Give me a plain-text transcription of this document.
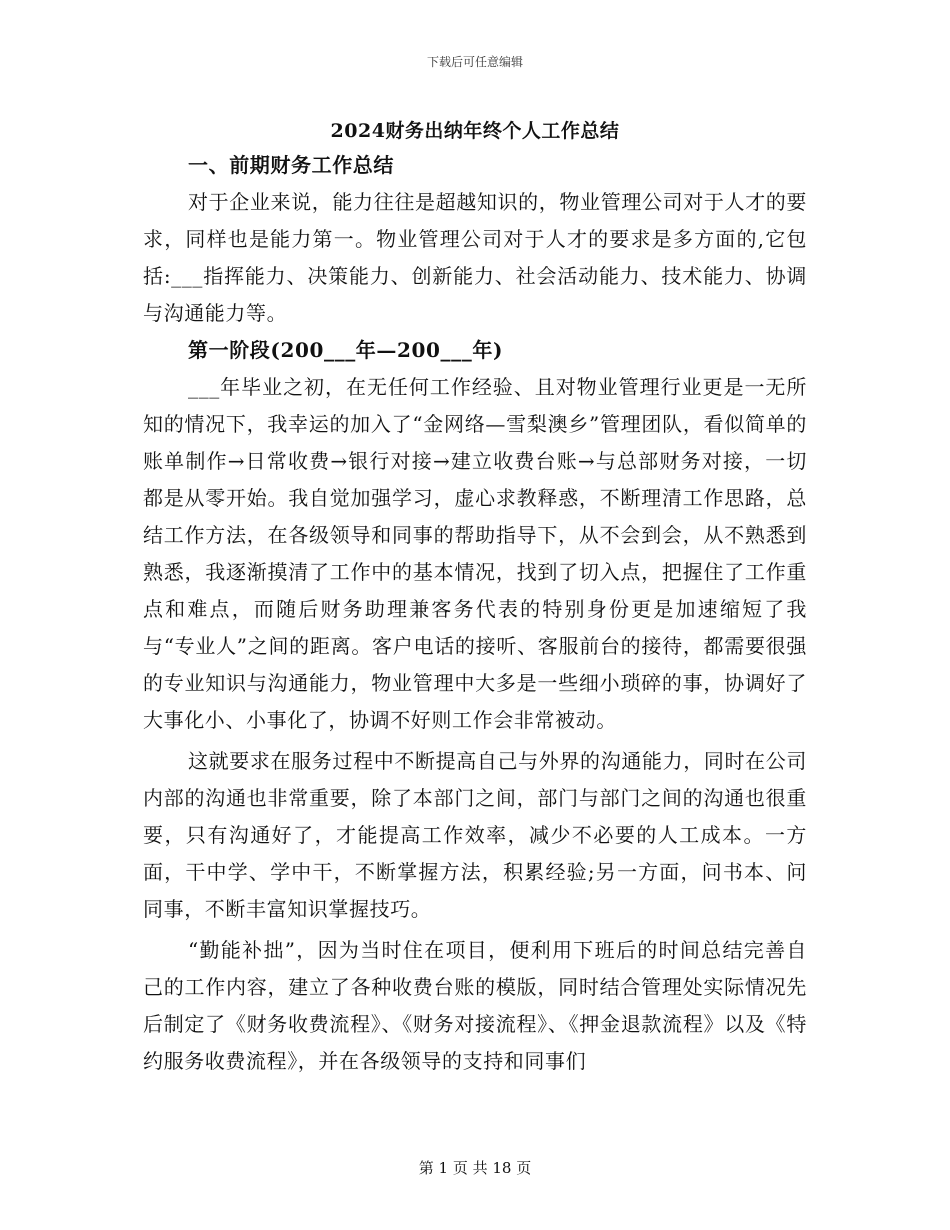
下载后可任意编辑
2024财务出纳年终个人工作总结

一、前期财务工作总结

对于企业来说，能力往往是超越知识的，物业管理公司对于人才的要求，同样也是能力第一。物业管理公司对于人才的要求是多方面的,它包括:___指挥能力、决策能力、创新能力、社会活动能力、技术能力、协调与沟通能力等。

第一阶段(200___年—200___年)

___年毕业之初，在无任何工作经验、且对物业管理行业更是一无所知的情况下，我幸运的加入了“金网络—雪梨澳乡”管理团队，看似简单的账单制作→日常收费→银行对接→建立收费台账→与总部财务对接，一切都是从零开始。我自觉加强学习，虚心求教释惑，不断理清工作思路，总结工作方法，在各级领导和同事的帮助指导下，从不会到会，从不熟悉到熟悉，我逐渐摸清了工作中的基本情况，找到了切入点，把握住了工作重点和难点，而随后财务助理兼客务代表的特别身份更是加速缩短了我与“专业人”之间的距离。客户电话的接听、客服前台的接待，都需要很强的专业知识与沟通能力，物业管理中大多是一些细小琐碎的事，协调好了大事化小、小事化了，协调不好则工作会非常被动。

这就要求在服务过程中不断提高自己与外界的沟通能力，同时在公司内部的沟通也非常重要，除了本部门之间，部门与部门之间的沟通也很重要，只有沟通好了，才能提高工作效率，减少不必要的人工成本。一方面，干中学、学中干，不断掌握方法，积累经验;另一方面，问书本、问同事，不断丰富知识掌握技巧。

“勤能补拙”，因为当时住在项目，便利用下班后的时间总结完善自己的工作内容，建立了各种收费台账的模版，同时结合管理处实际情况先后制定了《财务收费流程》、《财务对接流程》、《押金退款流程》以及《特约服务收费流程》，并在各级领导的支持和同事们

第 1 页 共 18 页
